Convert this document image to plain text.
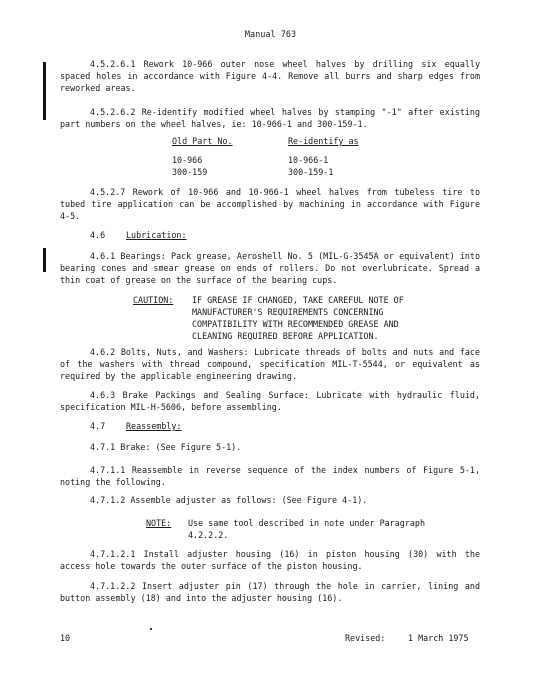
Manual 763
4.5.2.6.1 Rework 10-966 outer nose wheel halves by drilling six equally spaced holes in accordance with Figure 4-4. Remove all burrs and sharp edges from reworked areas.
4.5.2.6.2 Re-identify modified wheel halves by stamping "-1" after existing part numbers on the wheel halves, ie: 10-966-1 and 300-159-1.
Old Part No.
10-966
300-159
Re-identify as
10-966-1
300-159-1
4.5.2.7 Rework of 10-966 and 10-966-1 wheel halves from tubeless tire to tubed tire application can be accomplished by machining in accordance with Figure 4-5.
4.6 Lubrication:
4.6.1 Bearings: Pack grease, Aeroshell No. 5 (MIL-G-3545A or equivalent) into bearing cones and smear grease on ends of rollers. Do not overlubricate. Spread a thin coat of grease on the surface of the bearing cups.
CAUTION: IF GREASE IF CHANGED, TAKE CAREFUL NOTE OF MANUFACTURER'S REQUIREMENTS CONCERNING COMPATIBILITY WITH RECOMMENDED GREASE AND CLEANING REQUIRED BEFORE APPLICATION.
4.6.2 Bolts, Nuts, and Washers: Lubricate threads of bolts and nuts and face of the washers with thread compound, specification MIL-T-5544, or equivalent as required by the applicable engineering drawing.
4.6.3 Brake Packings and Sealing Surface: Lubricate with hydraulic fluid, specification MIL-H-5606, before assembling.
4.7 Reassembly:
4.7.1 Brake: (See Figure 5-1).
4.7.1.1 Reassemble in reverse sequence of the index numbers of Figure 5-1, noting the following.
4.7.1.2 Assemble adjuster as follows: (See Figure 4-1).
NOTE: Use same tool described in note under Paragraph 4.2.2.2.
4.7.1.2.1 Install adjuster housing (16) in piston housing (30) with the access hole towards the outer surface of the piston housing.
4.7.1.2.2 Insert adjuster pin (17) through the hole in carrier, lining and button assembly (18) and into the adjuster housing (16).
10	Revised:	1 March 1975
